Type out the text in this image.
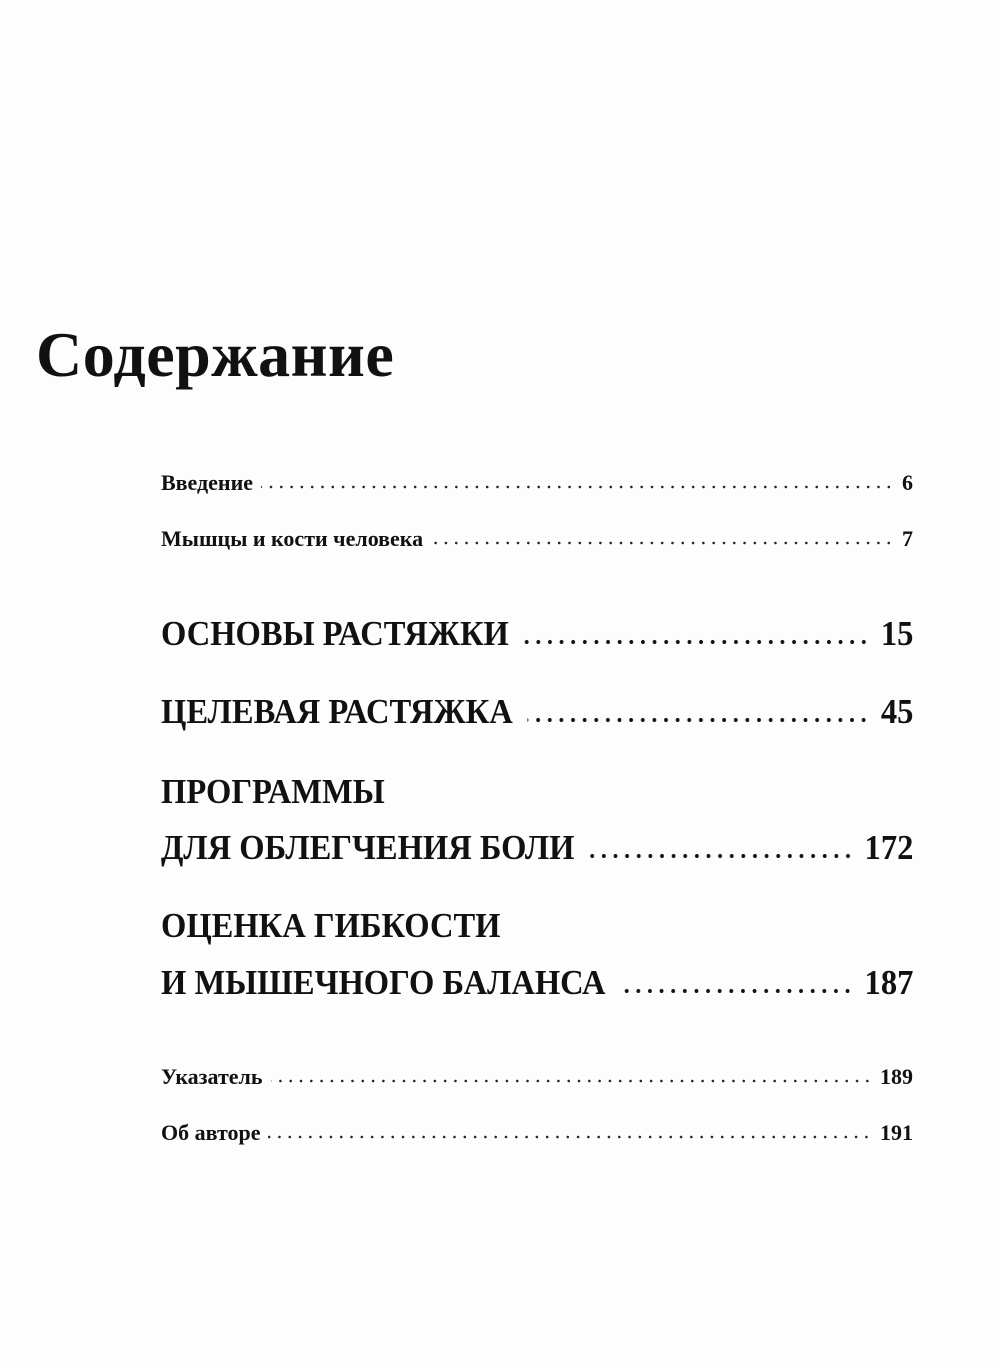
Содержание
Введение	6
Мышцы и кости человека	7
ОСНОВЫ РАСТЯЖКИ	15
ЦЕЛЕВАЯ РАСТЯЖКА	45
ПРОГРАММЫ
ДЛЯ ОБЛЕГЧЕНИЯ БОЛИ	172
ОЦЕНКА ГИБКОСТИ
И МЫШЕЧНОГО БАЛАНСА	187
Указатель	189
Об авторе	191
